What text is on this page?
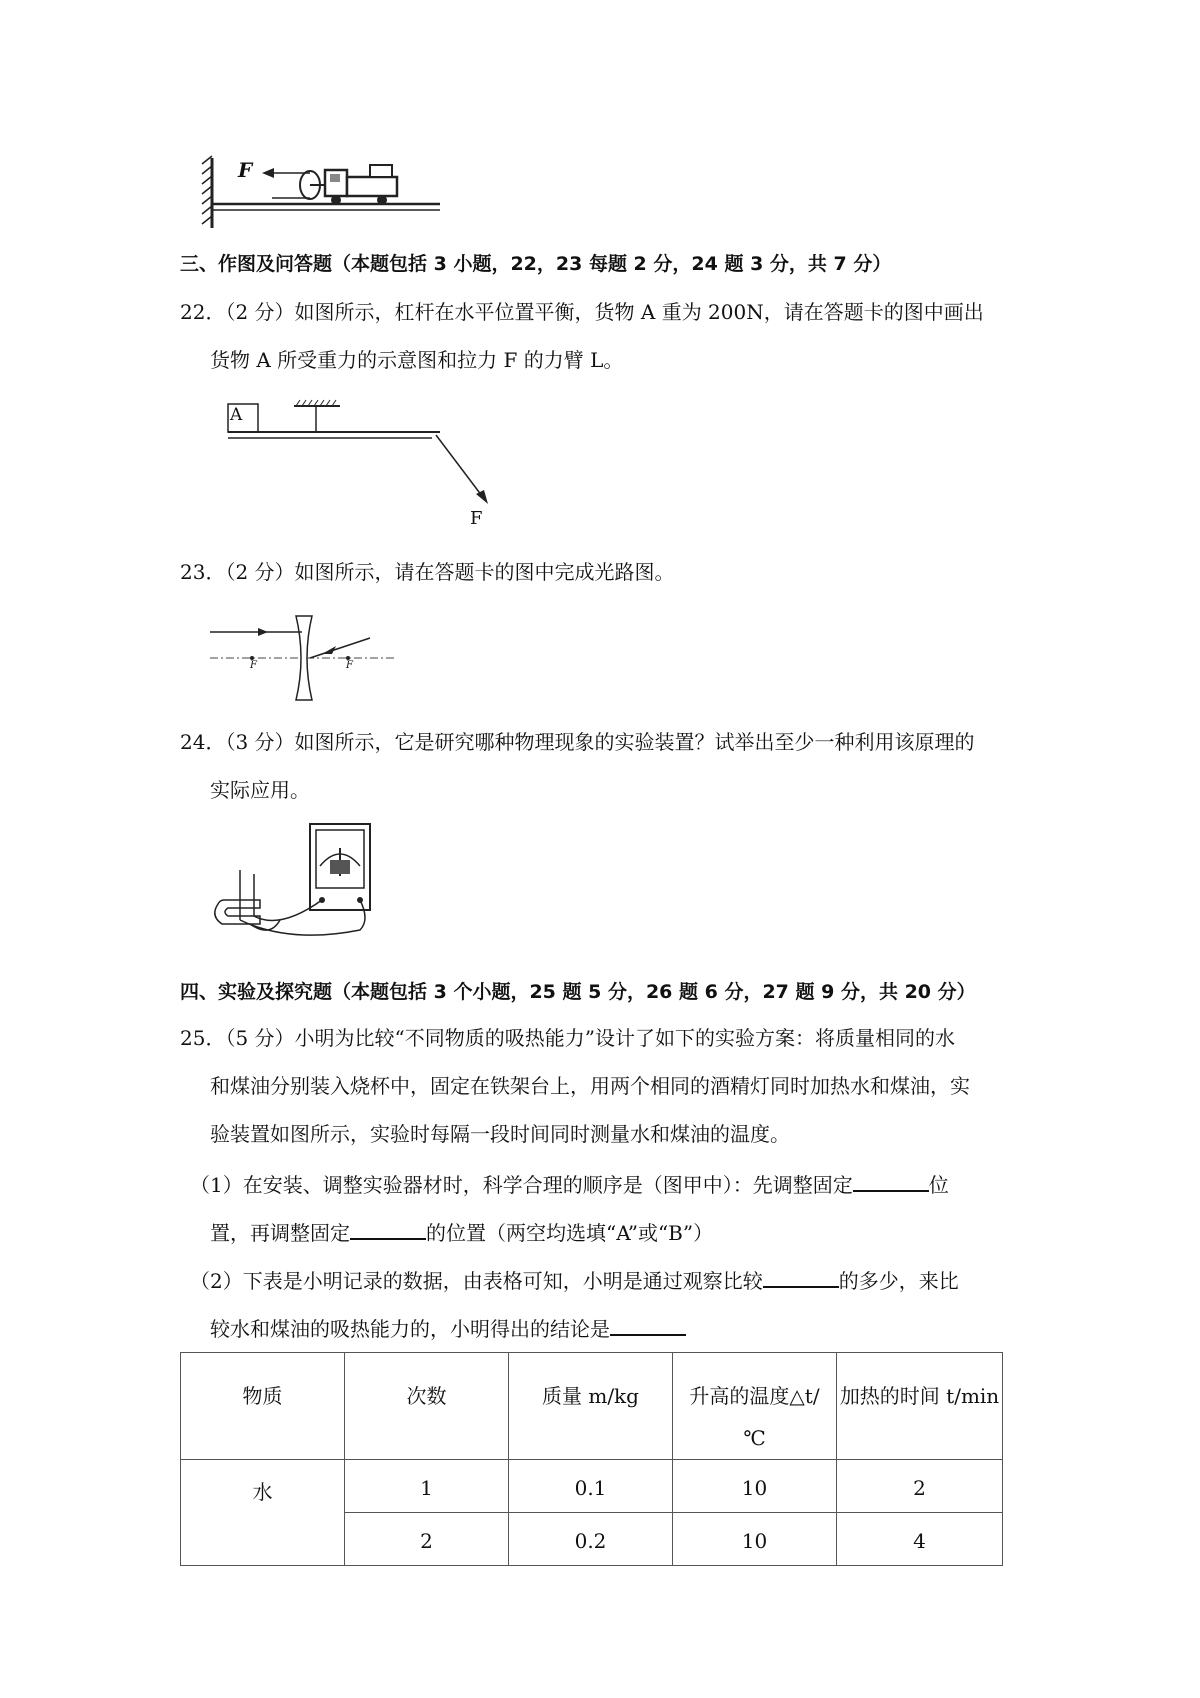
F
三、作图及问答题（本题包括 3 小题，22，23 每题 2 分，24 题 3 分，共 7 分）
22．（2 分）如图所示，杠杆在水平位置平衡，货物 A 重为 200N，请在答题卡的图中画出
货物 A 所受重力的示意图和拉力 F 的力臂 L。
A
F
23．（2 分）如图所示，请在答题卡的图中完成光路图。
F	F
24．（3 分）如图所示，它是研究哪种物理现象的实验装置？试举出至少一种利用该原理的
实际应用。
四、实验及探究题（本题包括 3 个小题，25 题 5 分，26 题 6 分，27 题 9 分，共 20 分）
25．（5 分）小明为比较“不同物质的吸热能力”设计了如下的实验方案：将质量相同的水
和煤油分别装入烧杯中，固定在铁架台上，用两个相同的酒精灯同时加热水和煤油，实
验装置如图所示，实验时每隔一段时间同时测量水和煤油的温度。
（1）在安装、调整实验器材时，科学合理的顺序是（图甲中）：先调整固定	位
置，再调整固定	的位置（两空均选填“A”或“B”）
（2）下表是小明记录的数据，由表格可知，小明是通过观察比较	的多少，来比
较水和煤油的吸热能力的，小明得出的结论是
物质	次数	质量 m/kg	升高的温度△t/
℃	加热的时间 t/min

水	1	0.1	10	2

	2	0.2	10	4
